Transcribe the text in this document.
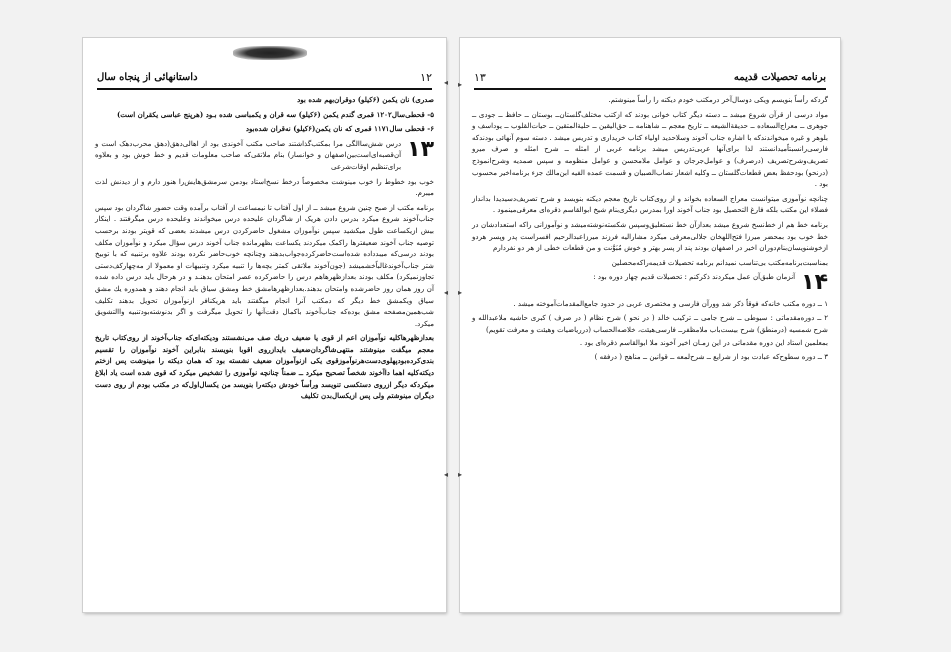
۱۲
داستانهائی از پنجاه سال	◂
◂
◂

صدری) نان یکمن (۶کیلو) دوقران‌بهم شده بود

۵- قحطی‌سال۱۲۰۲ قمری گندم یکمن (۶کیلو) سه قران و یکمباسی شده بـود (هرپنج عباسی یکقران است)

۶- قحطی سال۱۱۷۱ قمری که نان یکمن(۶کیلو) نه‌قران شده‌بود

۱۳
درس شش‌ساالگی مرا بمکتب‌گذاشتند صاحب مکتب آخوندی بود از اهالی‌دهق(دهق‌ محرب‌دهک است و آن‌قصبه‌ای‌است‌بین‌اصفهان و خوانسار) بنام ملاتقی‌که صاحب معلومات قدیم و خط خوش بود و بعلاوه برای‌تنظیم اوقات‌شرعی

خوب بود خطوط را خوب مینوشت مخصوصاً درخط نسخ‌استاد بودمن سرمشق‌هایش‌را هنوز دارم و از دیدنش لذت میبرم.

برنامه مکتب از صبح چنین شروع میشد ــ از اول آفتاب تا نیمساعت از آفتاب برآمده وقت حضور شاگردان بود سپس جناب‌آخوند شروع میکرد بدرس دادن هریک از شاگردان علیحده درس میخواندند وعلیحده درس میگرفتند . اینکار بیش ازیکساعت طول میکشید سپس نوآموزان مشغول حاضرکردن درس میشدند بعضی که قویتر بودند برحسب توصیه جناب آخوند ضعیفترها راکمک میکردند یکساعت بظهرمانده جناب آخوند درس سؤال میکرد و نوآموزان مکلف بودند درسی‌که میبدداده شده‌است‌حاضرکرده‌جواب‌بدهند وچنانچه خوب‌حاضر نکرده بودند علاوه برتنبیه که با توبیخ‌ شتر جناب‌آخوندغالباً‌خشمیشد (جون‌آخوند ملاتقی کمتر بچه‌ها را تنبیه میکرد وتنبیهات او معمولا از مه‌چهار‌کف‌دستی تجاوزنمیکرد) مکلف بودند بعدازظهرهاهم درس را حاضرکرده عصر امتحان بدهنـد و در هرحال باید درس داده شده آن روز همان روز حاضرشده وامتحان بدهند.بعدازظهرهامشق خط ومشق سیاق باید انجام دهند و همدوره یك مشق سیاق ویكمشق خط دیگر كه دمکتب آنرا انجام میگفتند باید هریکنافر ازنوآموزان تحویل بدهند تکلیف شب‌همین‌مصفحه مشق بوده‌که جناب‌آخوند باکمال دقت‌آنها را تحویل میگرفت و اگر بدنوشته‌بودتنبیه واالتشویق میکرد.

بعدازظهرهاکلیه نوآموزان اعم از قوی یا ضعیف دریك صف می‌نشستند ودیکته‌ای‌که جناب‌آخوند از روی‌کتاب تاریخ معجم میگفت مینوشتند منتهی‌شاگردان‌ضعیف بایدازروی اقوبا بنویسند بنابراین آخوند نوآموزان را تقسیم بندی‌کرده‌بودپهلوی‌دست‌هر‌نوآموزقوی یکی ازنوآموزان ضعیف نشسته بود که همان دیکته را مینوشت پس ازختم دیکته‌کلیه اهما دا‌آخوند شخصاً تصحیح میکرد ــ ضمناً چنانچه نوآموزی را تشخیص میکرد که قوی شده است یاد ابلاغ میکرد‌که دیگر ازروی دستکسی تنویسد ورأساً خودش دیکته‌را بنویسد من یکسال‌اول‌که در مکتب بودم از روی دست دیگران مینوشتم ولی پس ازیکسال‌بدن تکلیف

برنامه تحصیلات قدیمه
۱۳
▸
▸
▸

گردکه رأساً بنویسم ویکی دوسال‌آخر درمکتب خودم دیکته را رأساً مینوشتم.

مواد درسی از قرآن شروع میشد ــ دسته دیگر کتاب خوانی بودند که ازکتب مختلف‌گلستان‌ــ بوستان ــ حافظ ــ جودی ــ جوهری ــ معراج‌السعاده ــ حدیقةالشیعه ــ تاریخ معجم‌ ــ شاهنامه ــ حق‌الیقین ــ حلیةالمتقین ــ حیات‌القلوب ــ یوداسف و بلوهر و غیره میخواندند‌که با اشاره جناب آخوند وسلاحدید اولیاء کتاب خریداری و تدریس میشد . دسته سوم آنهائی بودند‌که فارسی‌را‌نسبتاً‌میدا‌نستند لذا برای‌آنها عربی‌تدریس میشد برنامه عربی از امثله ــ شرح امثله و صرف میرو تصریف‌وشرح‌تصریف (درصرف) و عوامل‌جرجان و عوامل ملامحسن و عوامل منظومه و سپس صمدیه وشرح‌انموذج (درنحو) بودحفظ بعض قطعات‌گلستان ــ وکلیه اشعار نصاب‌الصبیان و قسمت عمده الفیه ابن‌مالك جزء برنامه‌اخیر محسوب بود .

چنانچه نوآموزی میتوانست معراج السعاده بخواند و از روی‌کتاب تاریخ معجم دیکته بنویسد و شرح تصریف‌دسیدیدا بدانداز فضلاء این مکتب بلکه فارغ التحصیل بود جناب آخوند اورا بمدرس دیگری‌بنام شیخ ابوالقاسم ذقره‌ای معرفی‌مینمود .

برنامه خط هم از خط‌نسخ شروع میشد بعدازآن خط نستعلیق‌وسپس شکسته‌نوشته‌میشد و نوآموزانی راکه استعدادشان در خط خوب بود بمحضر میرزا فتح‌اللهخان جلالی‌معرفی میکرد مشارالیه فرزند میرزاعبدالرحیم افسر‌است‌ پدر وپسر هردو ازخوشنویسان‌بنام‌دوران اخیر در اصفهان بودند پند از پسر بهتر و خوش مُبَوَّنت و من قطعات خطی از هر دو نفردارم

بمناسبت‌برنامه‌مکتب بی‌تناسب نمیدانم برنامه تحصیلات قدیمه‌راکه‌محصلین

۱۴
آنزمان طبق‌آن عمل میکردند ذکرکنم : تحصیلات قدیم چهار دوره بود :

۱ ــ دوره مکتب خانه‌که فوقاً ذکر شد وورآن فارسی و مختصری عربی در حدود جامع‌المقدمات‌آموخته میشد .

۲ ــ دوره‌مقدماتی : سیوطی ــ شرح جامی ــ ترکیب خالد ( در نحو ) شرح نظام ( در صرف ) کبری حاشیه ملاعبدالله و شرح شمسیه (درمنطق) شرح بیست‌باب ملامظفرــ فارسی‌هیئت، خلاصه‌الحساب (درریاضیات وهیئت و معرفت تقویم)

بمعلمین استاد این دوره مقدماتی در این زمـان اخیر آخوند ملا ابوالقاسم ذقره‌ای بود .

۳ ــ دوره سطوح‌که عبادت بود از شرایع ــ شرح‌لمعه ــ قوانین ــ مناهج ( درفقه )
